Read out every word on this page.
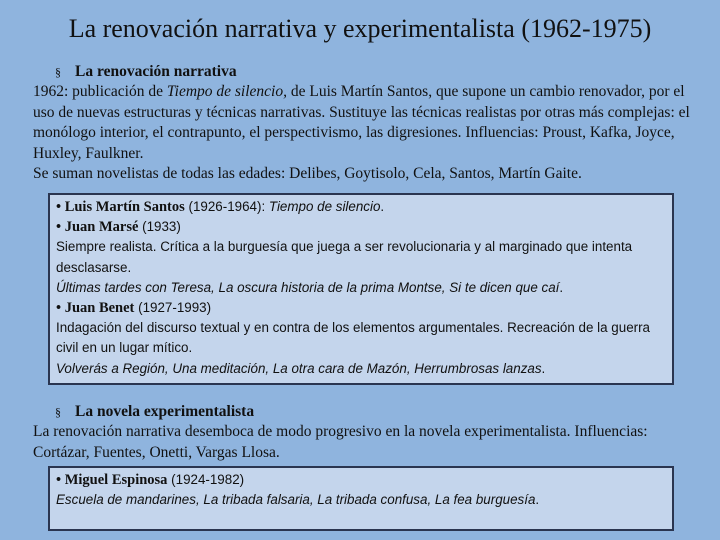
La renovación narrativa y experimentalista (1962-1975)
§ La renovación narrativa

1962: publicación de Tiempo de silencio, de Luis Martín Santos, que supone un cambio renovador, por el uso de nuevas estructuras y técnicas narrativas. Sustituye las técnicas realistas por otras más complejas: el monólogo interior, el contrapunto, el perspectivismo, las digresiones. Influencias: Proust, Kafka, Joyce, Huxley, Faulkner.

Se suman novelistas de todas las edades: Delibes, Goytisolo, Cela, Santos, Martín Gaite.

• Luis Martín Santos (1926-1964): Tiempo de silencio.
• Juan Marsé (1933)
Siempre realista. Crítica a la burguesía que juega a ser revolucionaria y al marginado que intenta desclasarse.
Últimas tardes con Teresa, La oscura historia de la prima Montse, Si te dicen que caí.
• Juan Benet (1927-1993)
Indagación del discurso textual y en contra de los elementos argumentales. Recreación de la guerra civil en un lugar mítico.
Volverás a Región, Una meditación, La otra cara de Mazón, Herrumbrosas lanzas.
§ La novela experimentalista

La renovación narrativa desemboca de modo progresivo en la novela experimentalista. Influencias: Cortázar, Fuentes, Onetti, Vargas Llosa.

• Miguel Espinosa (1924-1982)
Escuela de mandarines, La tribada falsaria, La tribada confusa, La fea burguesía.
